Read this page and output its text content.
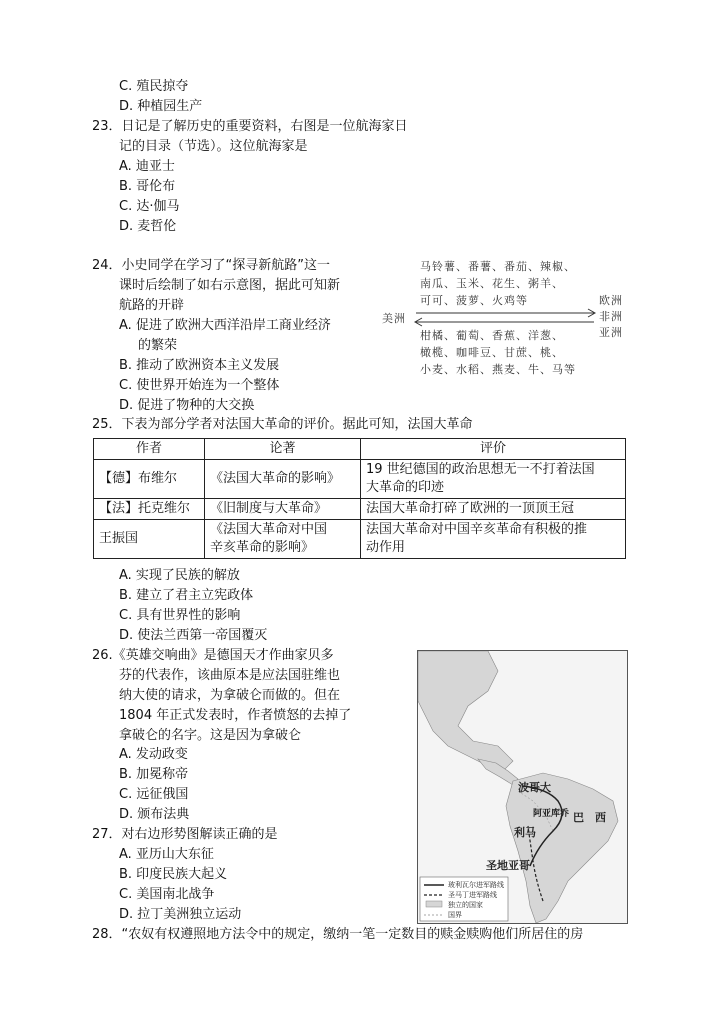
C. 殖民掠夺
D. 种植园生产
23．日记是了解历史的重要资料，右图是一位航海家日
记的目录（节选）。这位航海家是
A. 迪亚士
B. 哥伦布
C. 达·伽马
D. 麦哲伦
24．小史同学在学习了“探寻新航路”这一
课时后绘制了如右示意图，据此可知新
航路的开辟
A. 促进了欧洲大西洋沿岸工商业经济
的繁荣
B. 推动了欧洲资本主义发展
C. 使世界开始连为一个整体
D. 促进了物种的大交换
马铃薯、番薯、番茄、辣椒、
南瓜、玉米、花生、粥羊、
可可、菠萝、火鸡等
美洲
欧洲
非洲
亚洲
柑橘、葡萄、香蕉、洋葱、
橄榄、咖啡豆、甘蔗、桃、
小麦、水稻、燕麦、牛、马等
25．下表为部分学者对法国大革命的评价。据此可知，法国大革命
作者	论著	评价
【德】布维尔	《法国大革命的影响》	19 世纪德国的政治思想无一不打着法国
大革命的印迹
【法】托克维尔	《旧制度与大革命》	法国大革命打碎了欧洲的一顶顶王冠
王振国	《法国大革命对中国
辛亥革命的影响》	法国大革命对中国辛亥革命有积极的推
动作用
A. 实现了民族的解放
B. 建立了君主立宪政体
C. 具有世界性的影响
D. 使法兰西第一帝国覆灭
26.《英雄交响曲》是德国天才作曲家贝多
芬的代表作，该曲原本是应法国驻维也
纳大使的请求，为拿破仑而做的。但在
1804 年正式发表时，作者愤怒的去掉了
拿破仑的名字。这是因为拿破仑
A. 发动政变
B. 加冕称帝
C. 远征俄国
D. 颁布法典
27．对右边形势图解读正确的是
A. 亚历山大东征
B. 印度民族大起义
C. 美国南北战争
D. 拉丁美洲独立运动
28．“农奴有权遵照地方法令中的规定，缴纳一笔一定数目的赎金赎购他们所居住的房
波哥大
利马
阿亚库乔 巴　西
圣地亚哥
玻利瓦尔进军路线
圣马丁进军路线
独立的国家
国界
